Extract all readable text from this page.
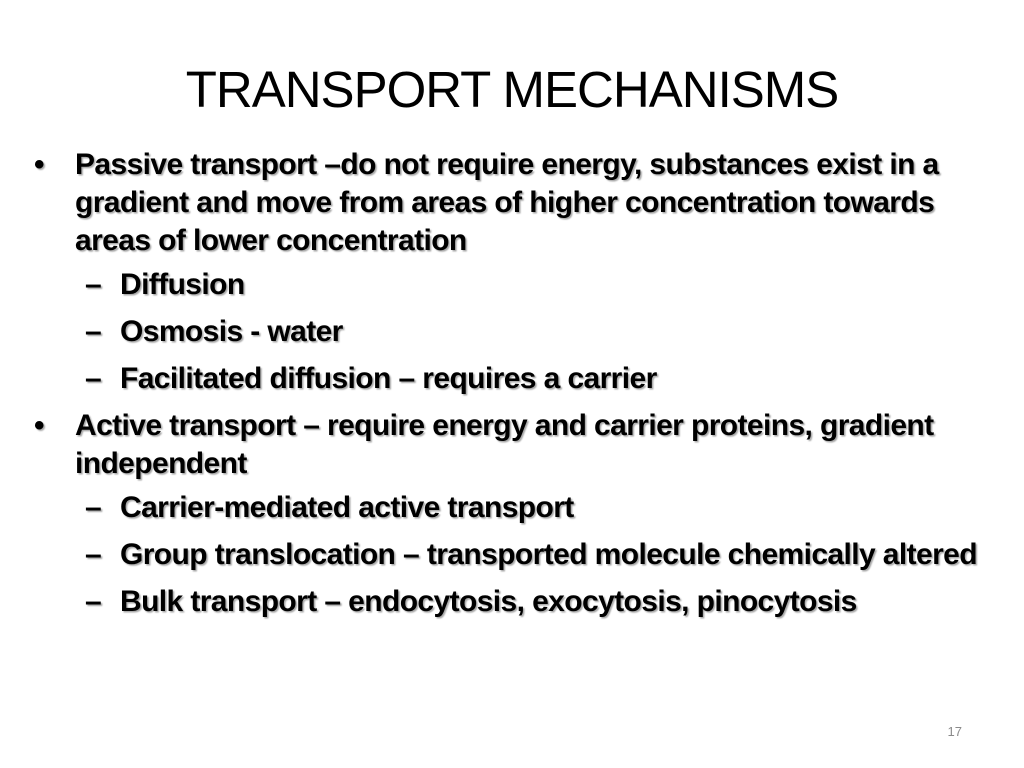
TRANSPORT MECHANISMS
• Passive transport –do not require energy, substances exist in a gradient and move from areas of higher concentration towards areas of lower concentration
– Diffusion
– Osmosis - water
– Facilitated diffusion – requires a carrier
• Active transport – require energy and carrier proteins, gradient independent
– Carrier-mediated active transport
– Group translocation – transported molecule chemically altered
– Bulk transport – endocytosis, exocytosis, pinocytosis
17
